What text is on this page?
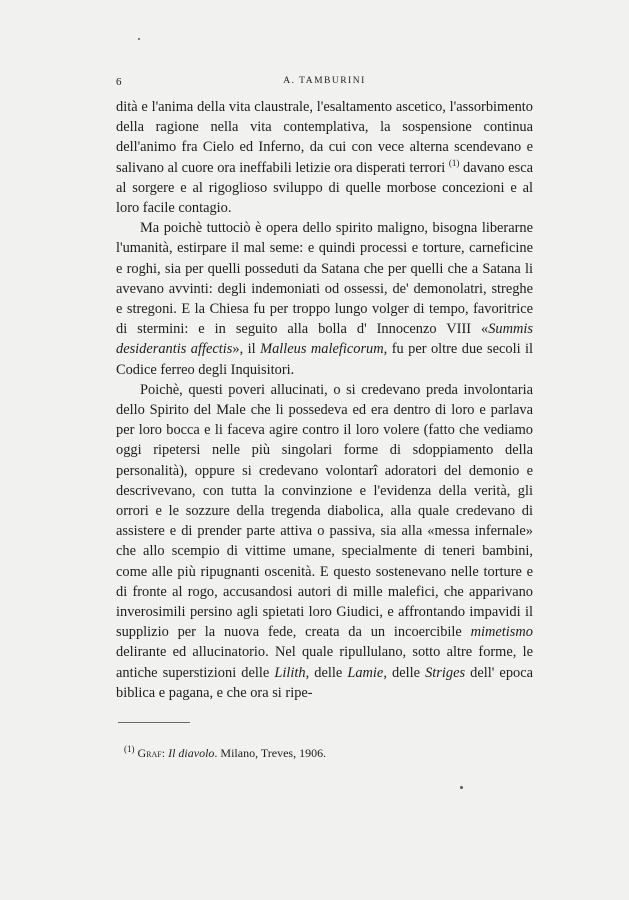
6	A. TAMBURINI

dità e l'anima della vita claustrale, l'esaltamento ascetico, l'assorbimento della ragione nella vita contemplativa, la sospensione continua dell'animo fra Cielo ed Inferno, da cui con vece alterna scendevano e salivano al cuore ora ineffabili letizie ora disperati terrori $^{(1)}$ davano esca al sorgere e al rigoglioso sviluppo di quelle morbose concezioni e al loro facile contagio.

Ma poichè tuttociò è opera dello spirito maligno, bisogna liberarne l'umanità, estirpare il mal seme: e quindi processi e torture, carneficine e roghi, sia per quelli posseduti da Satana che per quelli che a Satana li avevano avvinti: degli indemoniati od ossessi, de' demonolatri, streghe e stregoni. E la Chiesa fu per troppo lungo volger di tempo, favoritrice di stermini: e in seguito alla bolla d' Innocenzo VIII «Summis desiderantis affectis», il Malleus maleficorum, fu per oltre due secoli il Codice ferreo degli Inquisitori.

Poichè, questi poveri allucinati, o si credevano preda involontaria dello Spirito del Male che li possedeva ed era dentro di loro e parlava per loro bocca e li faceva agire contro il loro volere (fatto che vediamo oggi ripetersi nelle più singolari forme di sdoppiamento della personalità), oppure si credevano volontarî adoratori del demonio e descrivevano, con tutta la convinzione e l'evidenza della verità, gli orrori e le sozzure della tregenda diabolica, alla quale credevano di assistere e di prender parte attiva o passiva, sia alla «messa infernale» che allo scempio di vittime umane, specialmente di teneri bambini, come alle più ripugnanti oscenità. E questo sostenevano nelle torture e di fronte al rogo, accusandosi autori di mille malefici, che apparivano inverosimili persino agli spietati loro Giudici, e affrontando impavidi il supplizio per la nuova fede, creata da un incoercibile mimetismo delirante ed allucinatorio. Nel quale ripullulano, sotto altre forme, le antiche superstizioni delle Lilith, delle Lamie, delle Striges dell' epoca biblica e pagana, e che ora si ripe-

$^{(1)}$ Graf: Il diavolo. Milano, Treves, 1906.
